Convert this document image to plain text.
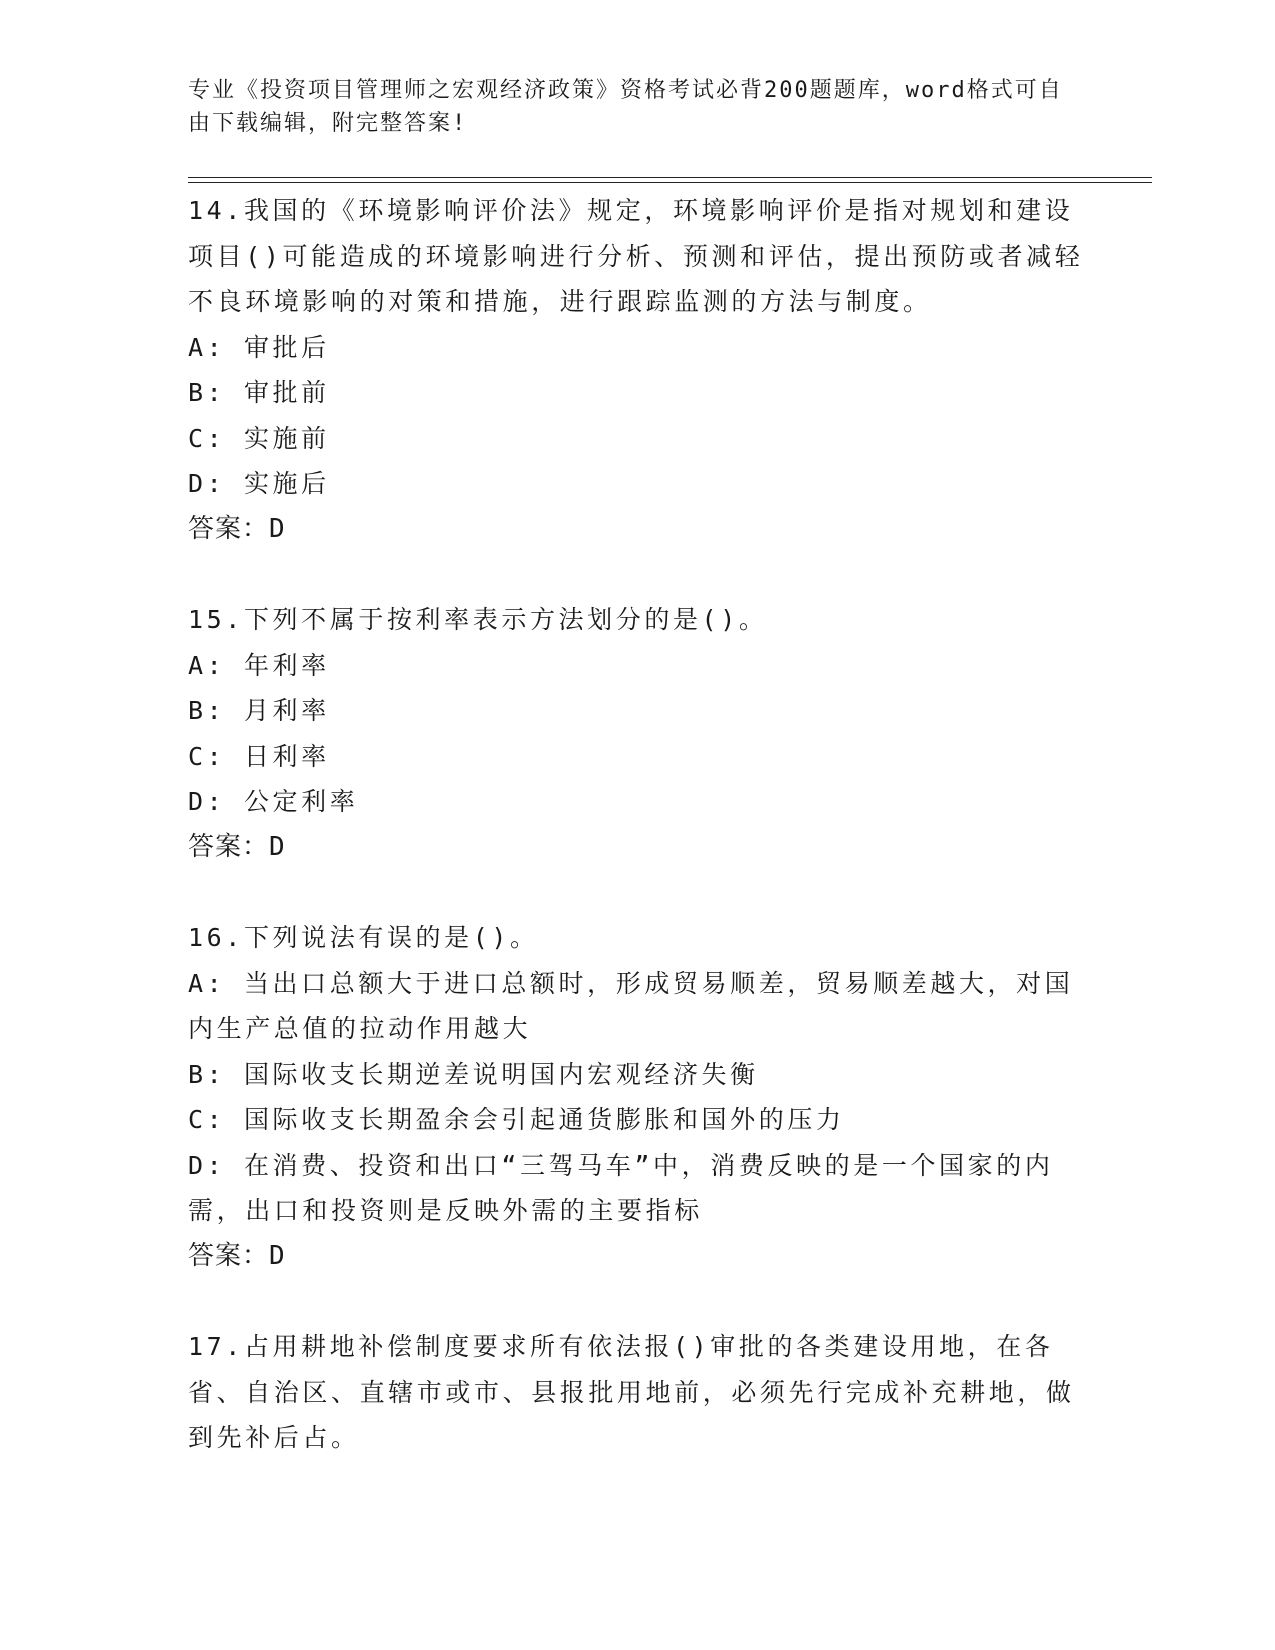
专业《投资项目管理师之宏观经济政策》资格考试必背200题题库，word格式可自由下载编辑，附完整答案!

14.我国的《环境影响评价法》规定，环境影响评价是指对规划和建设项目()可能造成的环境影响进行分析、预测和评估，提出预防或者减轻不良环境影响的对策和措施，进行跟踪监测的方法与制度。

A: 审批后

B: 审批前

C: 实施前

D: 实施后

答案：D

15.下列不属于按利率表示方法划分的是()。

A: 年利率

B: 月利率

C: 日利率

D: 公定利率

答案：D

16.下列说法有误的是()。

A: 当出口总额大于进口总额时，形成贸易顺差，贸易顺差越大，对国内生产总值的拉动作用越大

B: 国际收支长期逆差说明国内宏观经济失衡

C: 国际收支长期盈余会引起通货膨胀和国外的压力

D: 在消费、投资和出口“三驾马车”中，消费反映的是一个国家的内需，出口和投资则是反映外需的主要指标

答案：D

17.占用耕地补偿制度要求所有依法报()审批的各类建设用地，在各省、自治区、直辖市或市、县报批用地前，必须先行完成补充耕地，做到先补后占。
